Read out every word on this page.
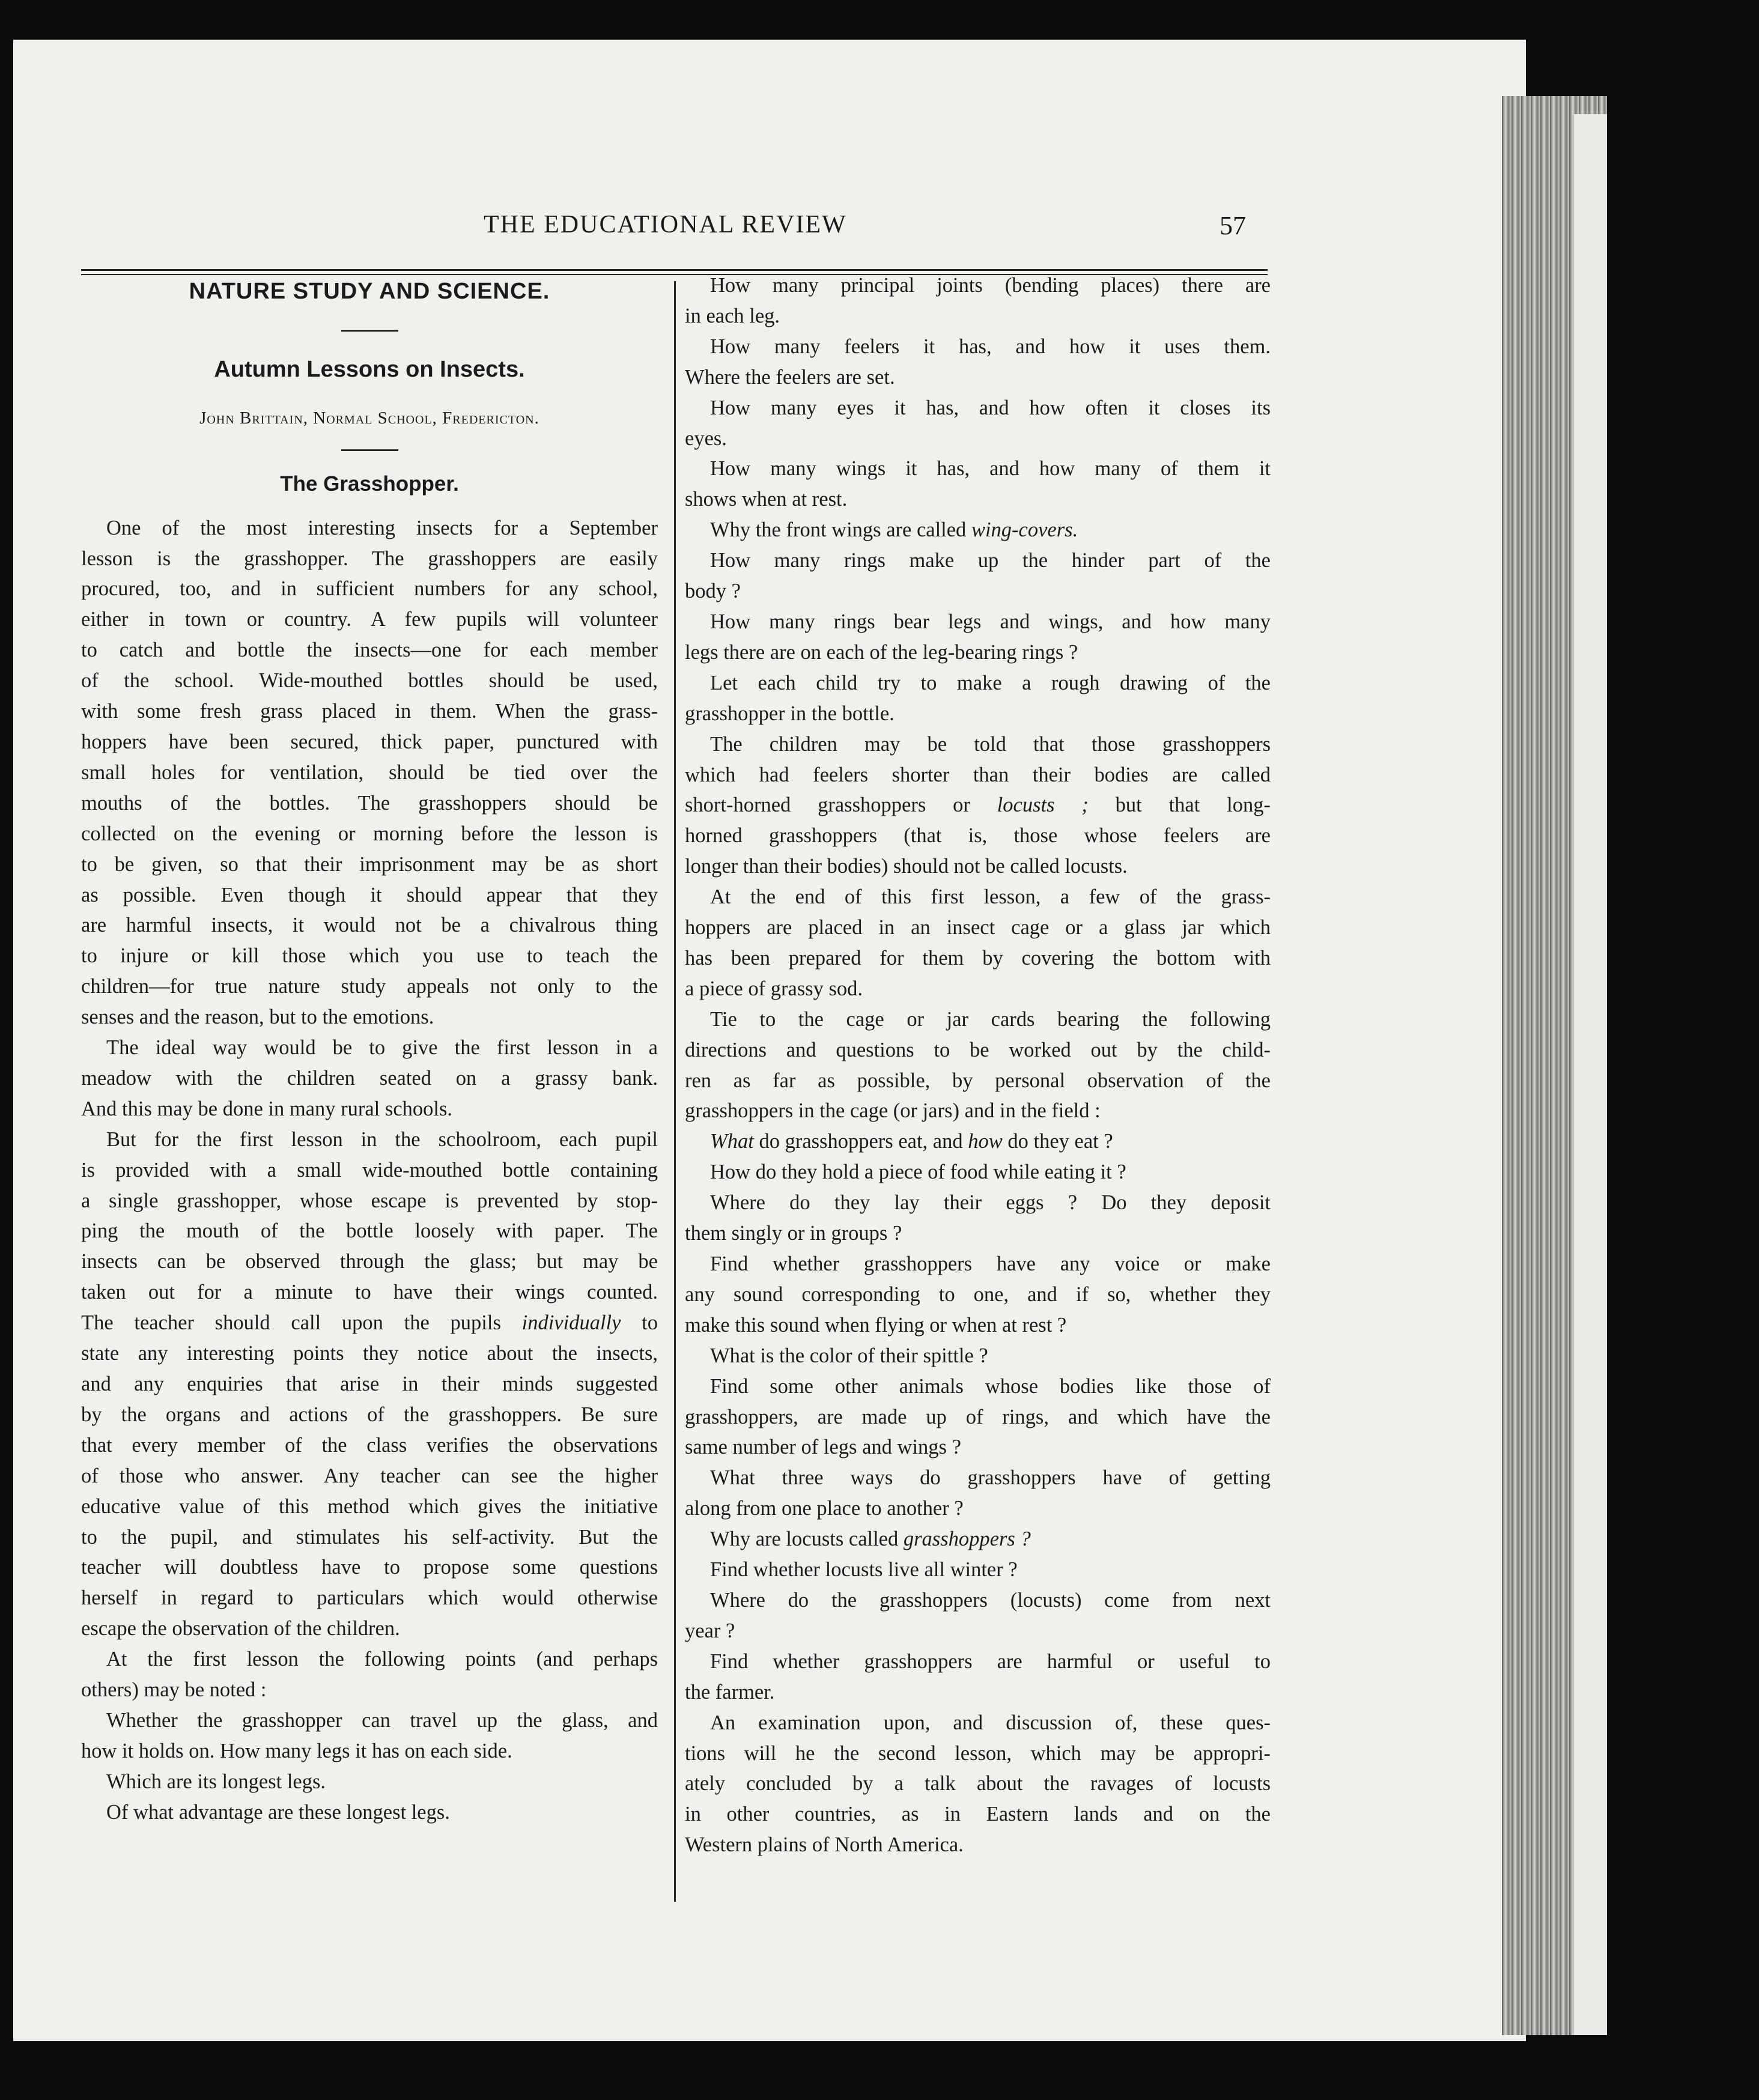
THE EDUCATIONAL REVIEW	57

NATURE STUDY AND SCIENCE.

Autumn Lessons on Insects.

John Brittain, Normal School, Fredericton.

The Grasshopper.

One of the most interesting insects for a September

lesson is the grasshopper. The grasshoppers are easily

procured, too, and in sufficient numbers for any school,

either in town or country. A few pupils will volunteer

to catch and bottle the insects—one for each member

of the school. Wide-mouthed bottles should be used,

with some fresh grass placed in them. When the grass-

hoppers have been secured, thick paper, punctured with

small holes for ventilation, should be tied over the

mouths of the bottles. The grasshoppers should be

collected on the evening or morning before the lesson is

to be given, so that their imprisonment may be as short

as possible. Even though it should appear that they

are harmful insects, it would not be a chivalrous thing

to injure or kill those which you use to teach the

children—for true nature study appeals not only to the

senses and the reason, but to the emotions.

The ideal way would be to give the first lesson in a

meadow with the children seated on a grassy bank.

And this may be done in many rural schools.

But for the first lesson in the schoolroom, each pupil

is provided with a small wide-mouthed bottle containing

a single grasshopper, whose escape is prevented by stop-

ping the mouth of the bottle loosely with paper. The

insects can be observed through the glass; but may be

taken out for a minute to have their wings counted.

The teacher should call upon the pupils individually to

state any interesting points they notice about the insects,

and any enquiries that arise in their minds suggested

by the organs and actions of the grasshoppers. Be sure

that every member of the class verifies the observations

of those who answer. Any teacher can see the higher

educative value of this method which gives the initiative

to the pupil, and stimulates his self-activity. But the

teacher will doubtless have to propose some questions

herself in regard to particulars which would otherwise

escape the observation of the children.

At the first lesson the following points (and perhaps

others) may be noted :

Whether the grasshopper can travel up the glass, and

how it holds on. How many legs it has on each side.

Which are its longest legs.

Of what advantage are these longest legs.

How many principal joints (bending places) there are

in each leg.

How many feelers it has, and how it uses them.

Where the feelers are set.

How many eyes it has, and how often it closes its

eyes.

How many wings it has, and how many of them it

shows when at rest.

Why the front wings are called wing-covers.

How many rings make up the hinder part of the

body ?

How many rings bear legs and wings, and how many

legs there are on each of the leg-bearing rings ?

Let each child try to make a rough drawing of the

grasshopper in the bottle.

The children may be told that those grasshoppers

which had feelers shorter than their bodies are called

short-horned grasshoppers or locusts ; but that long-

horned grasshoppers (that is, those whose feelers are

longer than their bodies) should not be called locusts.

At the end of this first lesson, a few of the grass-

hoppers are placed in an insect cage or a glass jar which

has been prepared for them by covering the bottom with

a piece of grassy sod.

Tie to the cage or jar cards bearing the following

directions and questions to be worked out by the child-

ren as far as possible, by personal observation of the

grasshoppers in the cage (or jars) and in the field :

What do grasshoppers eat, and how do they eat ?

How do they hold a piece of food while eating it ?

Where do they lay their eggs ? Do they deposit

them singly or in groups ?

Find whether grasshoppers have any voice or make

any sound corresponding to one, and if so, whether they

make this sound when flying or when at rest ?

What is the color of their spittle ?

Find some other animals whose bodies like those of

grasshoppers, are made up of rings, and which have the

same number of legs and wings ?

What three ways do grasshoppers have of getting

along from one place to another ?

Why are locusts called grasshoppers ?

Find whether locusts live all winter ?

Where do the grasshoppers (locusts) come from next

year ?

Find whether grasshoppers are harmful or useful to

the farmer.

An examination upon, and discussion of, these ques-

tions will he the second lesson, which may be appropri-

ately concluded by a talk about the ravages of locusts

in other countries, as in Eastern lands and on the

Western plains of North America.
